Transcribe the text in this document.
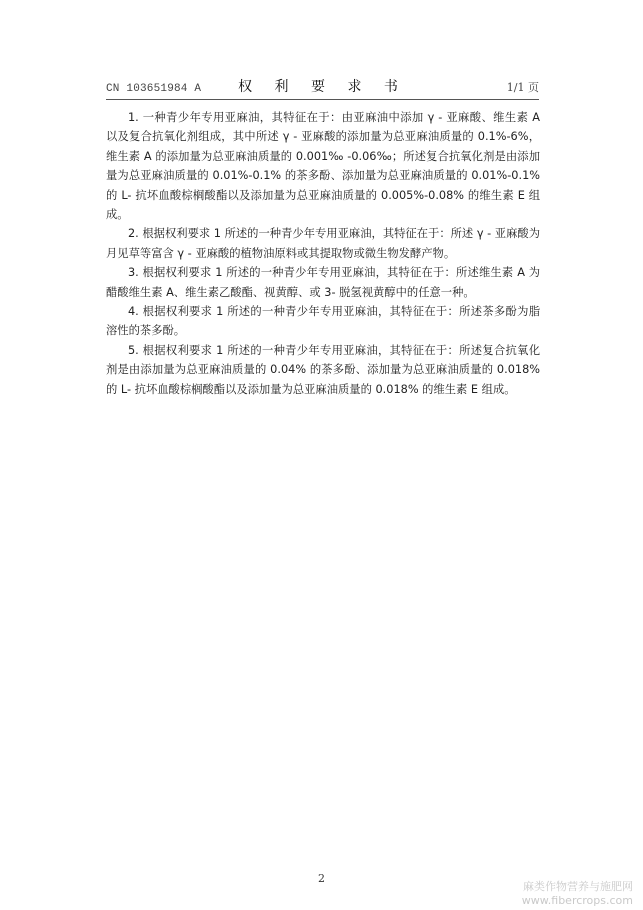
CN 103651984 A	权 利 要 求 书	1/1 页

1. 一种青少年专用亚麻油，其特征在于：由亚麻油中添加 γ - 亚麻酸、维生素 A 以及复合抗氧化剂组成，其中所述 γ - 亚麻酸的添加量为总亚麻油质量的 0.1%-6%，维生素 A 的添加量为总亚麻油质量的 0.001‰ -0.06‰；所述复合抗氧化剂是由添加量为总亚麻油质量的 0.01%-0.1% 的茶多酚、添加量为总亚麻油质量的 0.01%-0.1% 的 L- 抗坏血酸棕榈酸酯以及添加量为总亚麻油质量的 0.005%-0.08% 的维生素 E 组成。

2. 根据权利要求 1 所述的一种青少年专用亚麻油，其特征在于：所述 γ - 亚麻酸为月见草等富含 γ - 亚麻酸的植物油原料或其提取物或微生物发酵产物。

3. 根据权利要求 1 所述的一种青少年专用亚麻油，其特征在于：所述维生素 A 为醋酸维生素 A、维生素乙酸酯、视黄醇、或 3- 脱氢视黄醇中的任意一种。

4. 根据权利要求 1 所述的一种青少年专用亚麻油，其特征在于：所述茶多酚为脂溶性的茶多酚。

5. 根据权利要求 1 所述的一种青少年专用亚麻油，其特征在于：所述复合抗氧化剂是由添加量为总亚麻油质量的 0.04% 的茶多酚、添加量为总亚麻油质量的 0.018% 的 L- 抗坏血酸棕榈酸酯以及添加量为总亚麻油质量的 0.018% 的维生素 E 组成。

2
麻类作物营养与施肥网
www.fibercrops.com
